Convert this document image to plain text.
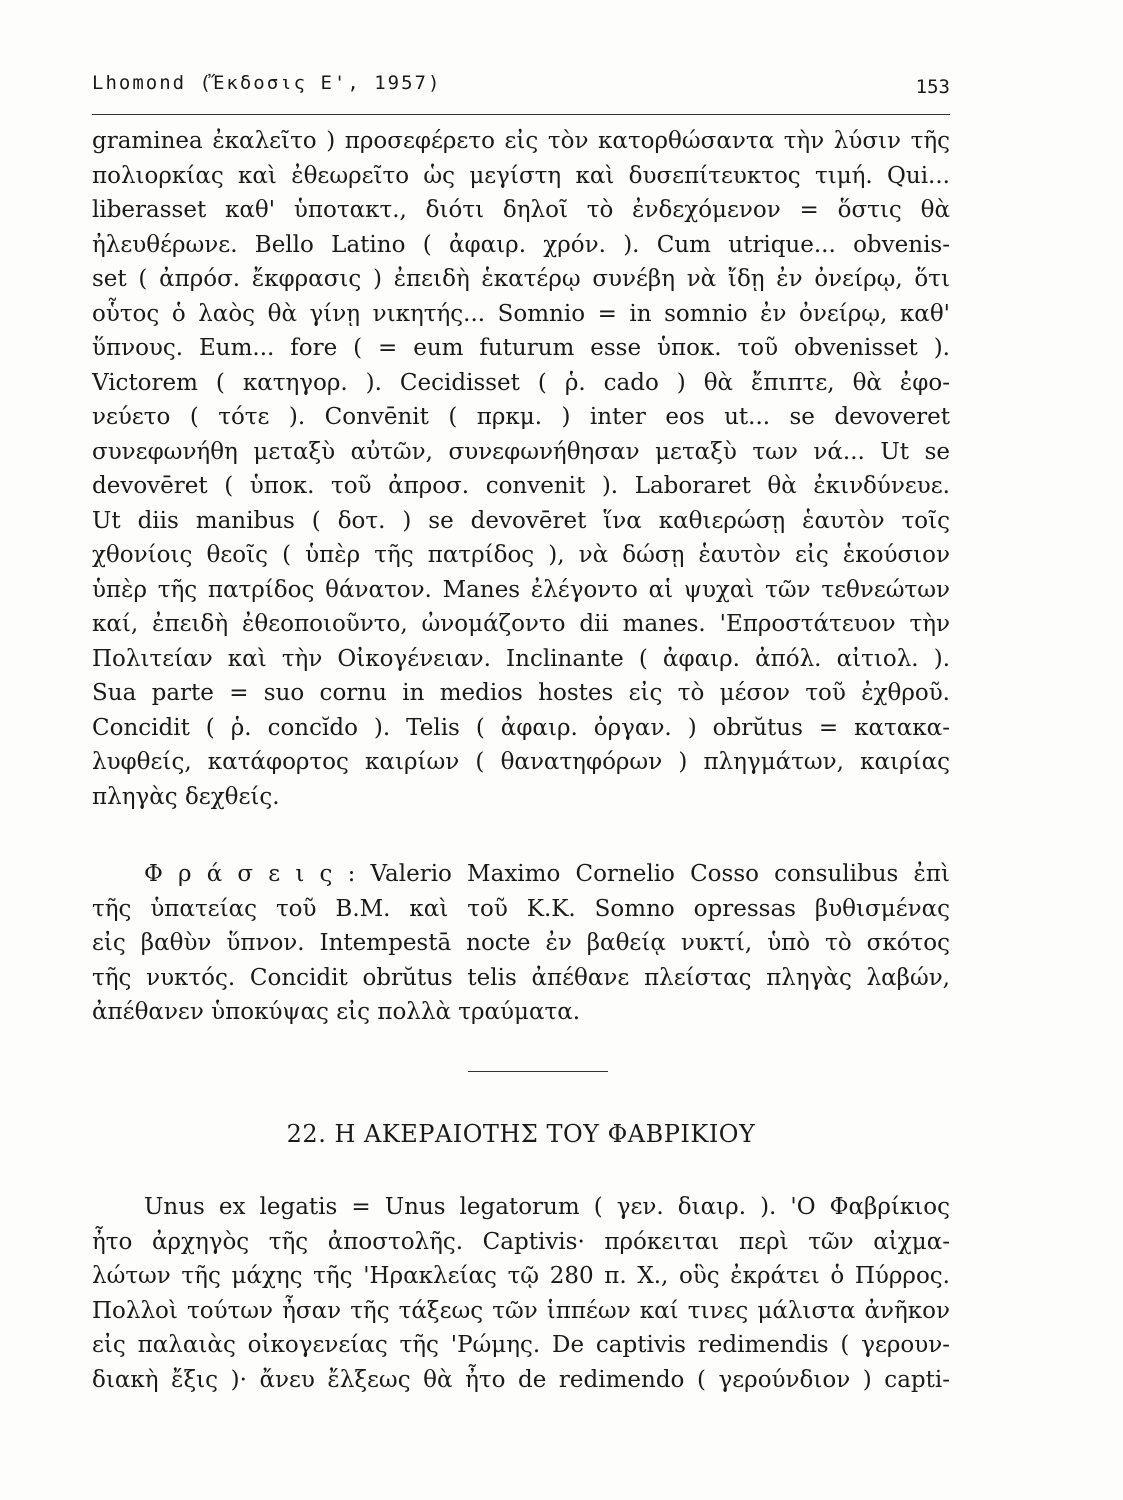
Lhomond (Ἔκδοσις Ε', 1957)	153
graminea ἐκαλεῖτο ) προσεφέρετο εἰς τὸν κατορθώσαντα τὴν λύσιν τῆς
πολιορκίας καὶ ἐθεωρεῖτο ὡς μεγίστη καὶ δυσεπίτευκτος τιμή. Qui...
liberasset καθ' ὑποτακτ., διότι δηλοῖ τὸ ἐνδεχόμενον = ὅστις θὰ
ἠλευθέρωνε. Bello Latino ( ἀφαιρ. χρόν. ). Cum utrique... obvenis-
set ( ἀπρόσ. ἔκφρασις ) ἐπειδὴ ἑκατέρῳ συνέβη νὰ ἴδῃ ἐν ὀνείρῳ, ὅτι
οὗτος ὁ λαὸς θὰ γίνῃ νικητής... Somnio = in somnio ἐν ὀνείρῳ, καθ'
ὕπνους. Eum... fore ( = eum futurum esse ὑποκ. τοῦ obvenisset ).
Victorem ( κατηγορ. ). Cecidisset ( ῥ. cado ) θὰ ἔπιπτε, θὰ ἐφο-
νεύετο ( τότε ). Convēnit ( πρκμ. ) inter eos ut... se devoveret
συνεφωνήθη μεταξὺ αὐτῶν, συνεφωνήθησαν μεταξὺ των νά... Ut se
devovēret ( ὑποκ. τοῦ ἀπροσ. convenit ). Laboraret θὰ ἐκινδύνευε.
Ut diis manibus ( δοτ. ) se devovēret ἵνα καθιερώσῃ ἑαυτὸν τοῖς
χθονίοις θεοῖς ( ὑπὲρ τῆς πατρίδος ), νὰ δώσῃ ἑαυτὸν εἰς ἑκούσιον
ὑπὲρ τῆς πατρίδος θάνατον. Manes ἐλέγοντο αἱ ψυχαὶ τῶν τεθνεώτων
καί, ἐπειδὴ ἐθεοποιοῦντο, ὠνομάζοντο dii manes. 'Επροστάτευον τὴν
Πολιτείαν καὶ τὴν Οἰκογένειαν. Inclinante ( ἀφαιρ. ἀπόλ. αἰτιολ. ).
Sua parte = suo cornu in medios hostes εἰς τὸ μέσον τοῦ ἐχθροῦ.
Concidit ( ῥ. concĭdo ). Telis ( ἀφαιρ. ὀργαν. ) obrŭtus = κατακα-
λυφθείς, κατάφορτος καιρίων ( θανατηφόρων ) πληγμάτων, καιρίας
πληγὰς δεχθείς.
Φ ρ ά σ ε ι ς : Valerio Maximo Cornelio Cosso consulibus ἐπὶ
τῆς ὑπατείας τοῦ Β.Μ. καὶ τοῦ Κ.Κ. Somno opressas βυθισμένας
εἰς βαθὺν ὕπνον. Intempestā nocte ἐν βαθείᾳ νυκτί, ὑπὸ τὸ σκότος
τῆς νυκτός. Concidit obrŭtus telis ἀπέθανε πλείστας πληγὰς λαβών,
ἀπέθανεν ὑποκύψας εἰς πολλὰ τραύματα.
22. Η ΑΚΕΡΑΙΟΤΗΣ ΤΟΥ ΦΑΒΡΙΚΙΟΥ
Unus ex legatis = Unus legatorum ( γεν. διαιρ. ). 'Ο Φαβρίκιος
ἦτο ἀρχηγὸς τῆς ἀποστολῆς. Captivis· πρόκειται περὶ τῶν αἰχμα-
λώτων τῆς μάχης τῆς 'Ηρακλείας τῷ 280 π. Χ., οὓς ἐκράτει ὁ Πύρρος.
Πολλοὶ τούτων ἦσαν τῆς τάξεως τῶν ἱππέων καί τινες μάλιστα ἀνῆκον
εἰς παλαιὰς οἰκογενείας τῆς 'Ρώμης. De captivis redimendis ( γερουν-
διακὴ ἔξις )· ἄνευ ἔλξεως θὰ ἦτο de redimendo ( γερούνδιον ) capti-
